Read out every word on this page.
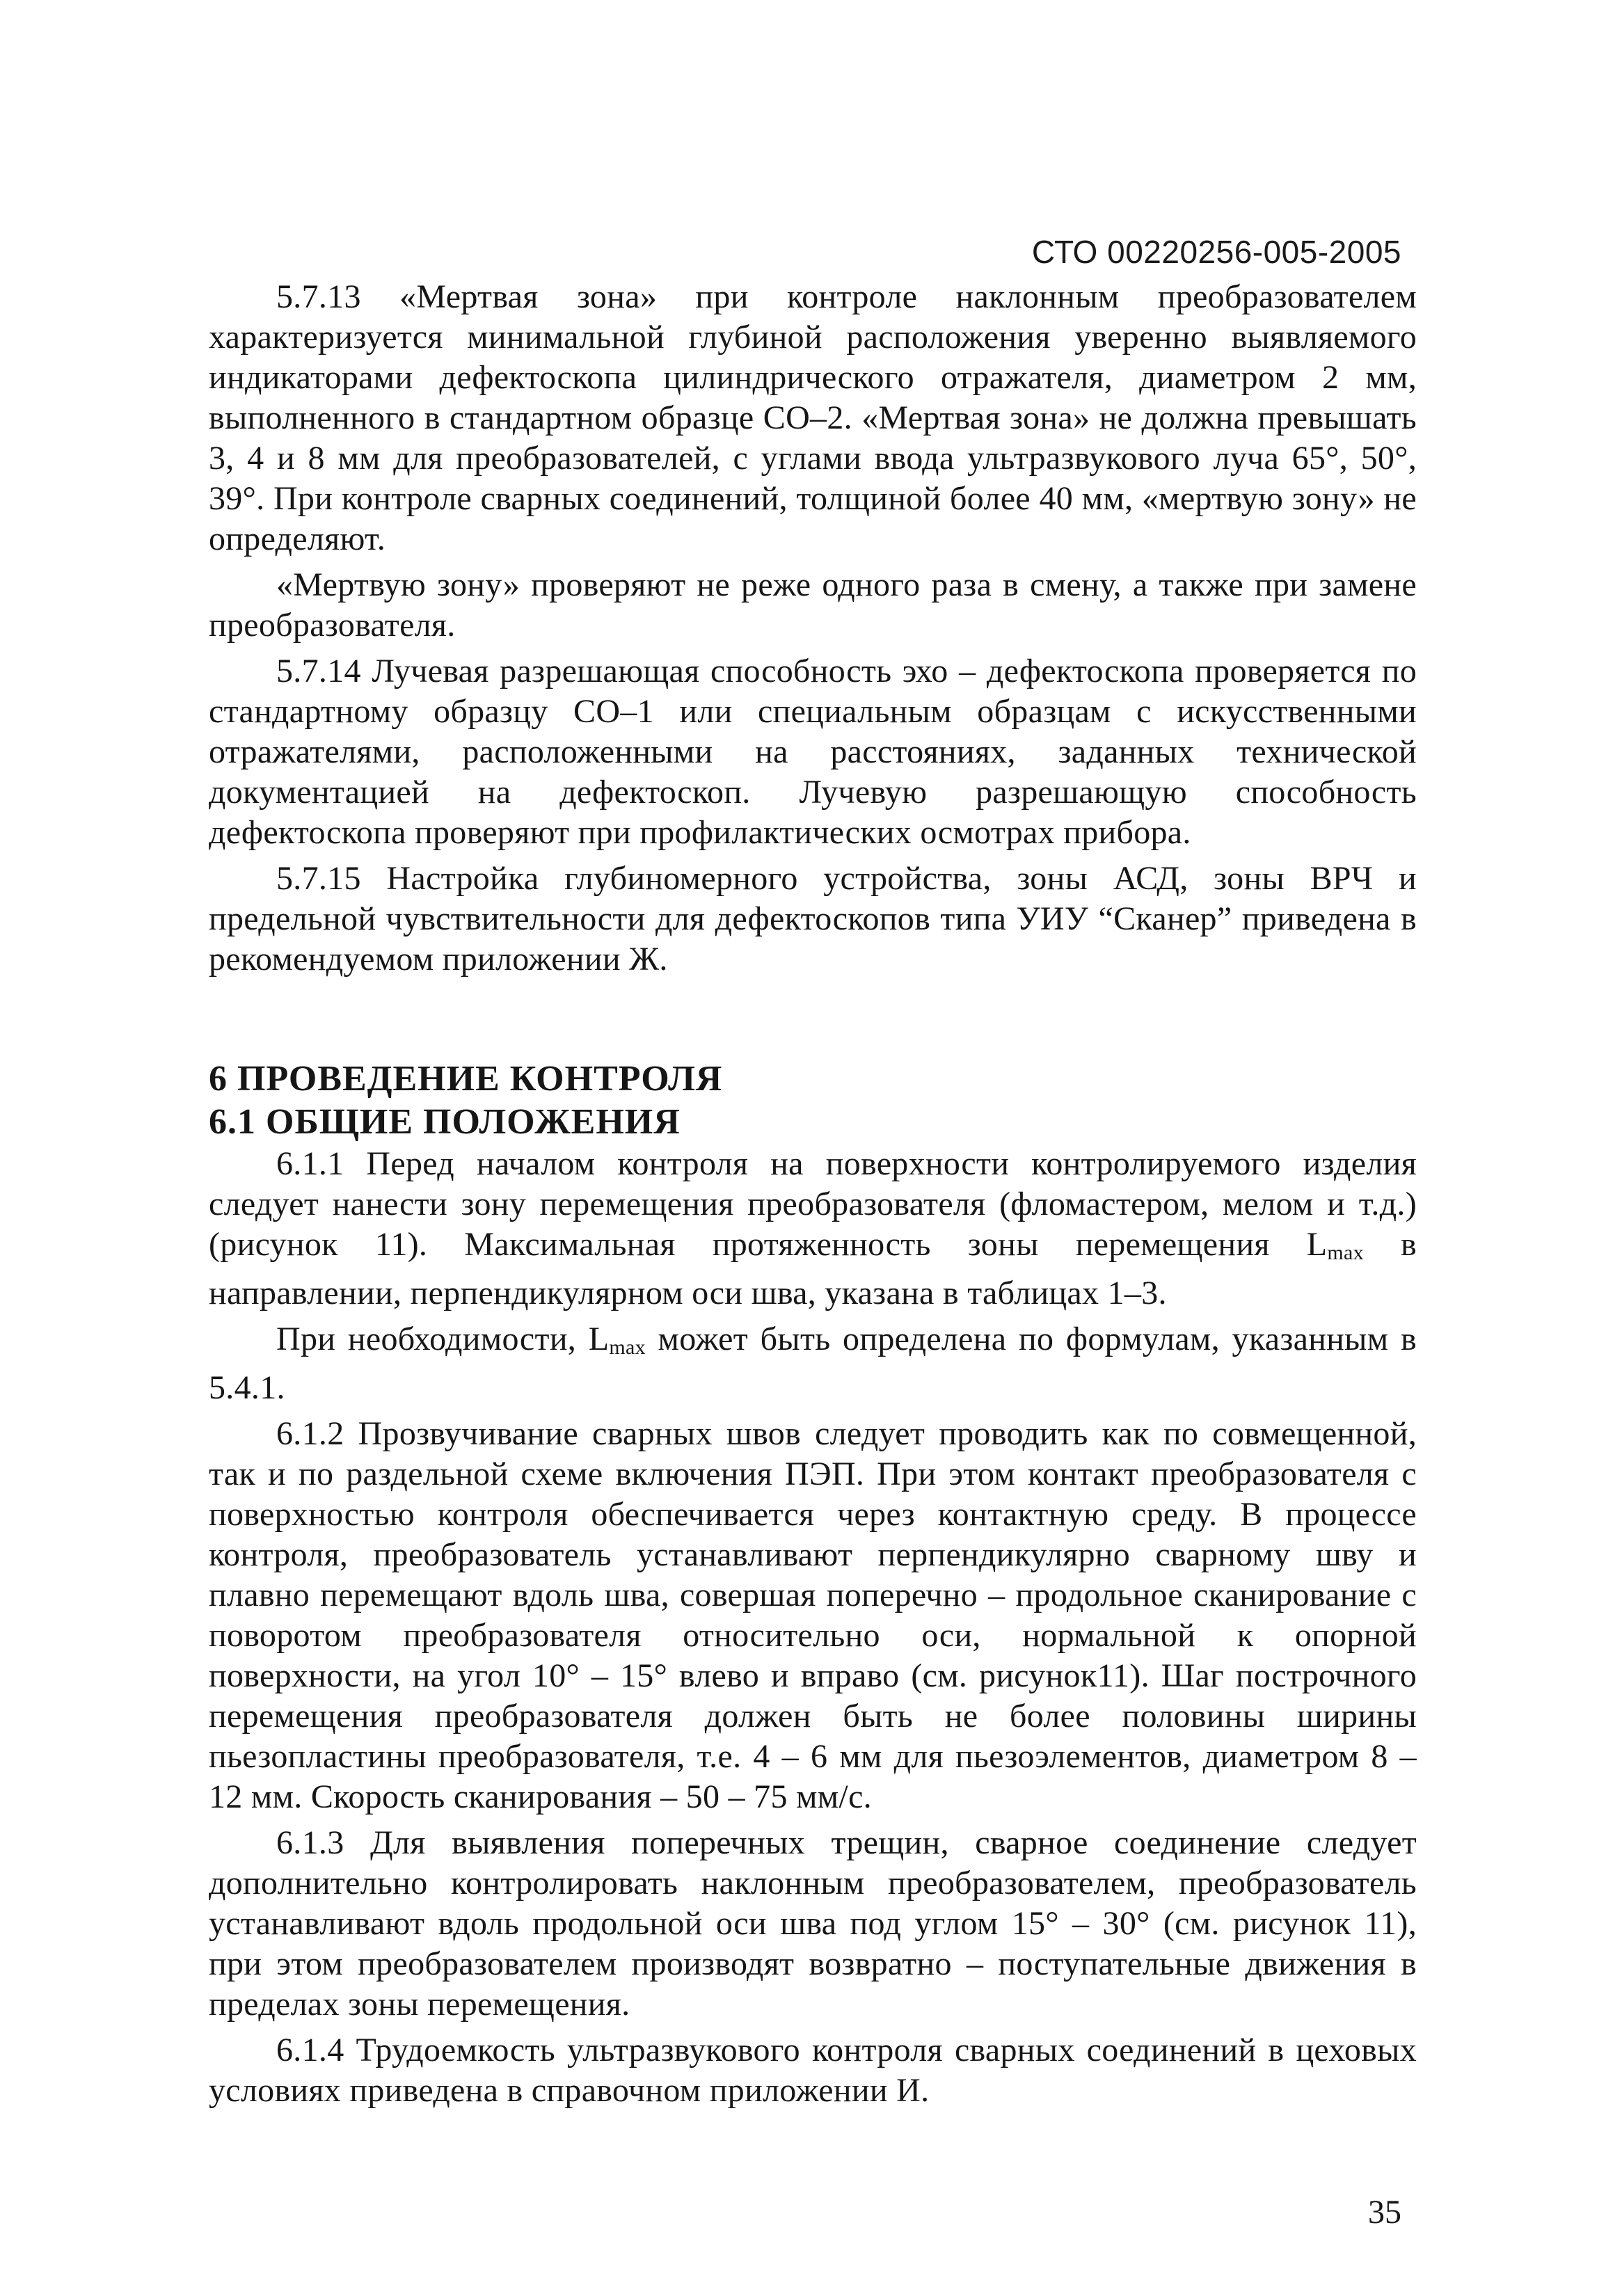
СТО 00220256-005-2005

5.7.13 «Мертвая зона» при контроле наклонным преобразователем характеризуется минимальной глубиной расположения уверенно выявляемого индикаторами дефектоскопа цилиндрического отражателя, диаметром 2 мм, выполненного в стандартном образце СО–2. «Мертвая зона» не должна превышать 3, 4 и 8 мм для преобразователей, с углами ввода ультразвукового луча 65°, 50°, 39°. При контроле сварных соединений, толщиной более 40 мм, «мертвую зону» не определяют.

«Мертвую зону» проверяют не реже одного раза в смену, а также при замене преобразователя.

5.7.14 Лучевая разрешающая способность эхо – дефектоскопа проверяется по стандартному образцу СО–1 или специальным образцам с искусственными отражателями, расположенными на расстояниях, заданных технической документацией на дефектоскоп. Лучевую разрешающую способность дефектоскопа проверяют при профилактических осмотрах прибора.

5.7.15 Настройка глубиномерного устройства, зоны АСД, зоны ВРЧ и предельной чувствительности для дефектоскопов типа УИУ “Сканер” приведена в рекомендуемом приложении Ж.

6 ПРОВЕДЕНИЕ КОНТРОЛЯ
6.1 ОБЩИЕ ПОЛОЖЕНИЯ

6.1.1 Перед началом контроля на поверхности контролируемого изделия следует нанести зону перемещения преобразователя (фломастером, мелом и т.д.) (рисунок 11). Максимальная протяженность зоны перемещения $L_{max}$ в направлении, перпендикулярном оси шва, указана в таблицах 1–3.

При необходимости, $L_{max}$ может быть определена по формулам, указанным в 5.4.1.

6.1.2 Прозвучивание сварных швов следует проводить как по совмещенной, так и по раздельной схеме включения ПЭП. При этом контакт преобразователя с поверхностью контроля обеспечивается через контактную среду. В процессе контроля, преобразователь устанавливают перпендикулярно сварному шву и плавно перемещают вдоль шва, совершая поперечно – продольное сканирование с поворотом преобразователя относительно оси, нормальной к опорной поверхности, на угол 10° – 15° влево и вправо (см. рисунок11). Шаг построчного перемещения преобразователя должен быть не более половины ширины пьезопластины преобразователя, т.е. 4 – 6 мм для пьезоэлементов, диаметром 8 – 12 мм. Скорость сканирования – 50 – 75 мм/с.

6.1.3 Для выявления поперечных трещин, сварное соединение следует дополнительно контролировать наклонным преобразователем, преобразователь устанавливают вдоль продольной оси шва под углом 15° – 30° (см. рисунок 11), при этом преобразователем производят возвратно – поступательные движения в пределах зоны перемещения.

6.1.4 Трудоемкость ультразвукового контроля сварных соединений в цеховых условиях приведена в справочном приложении И.

35
